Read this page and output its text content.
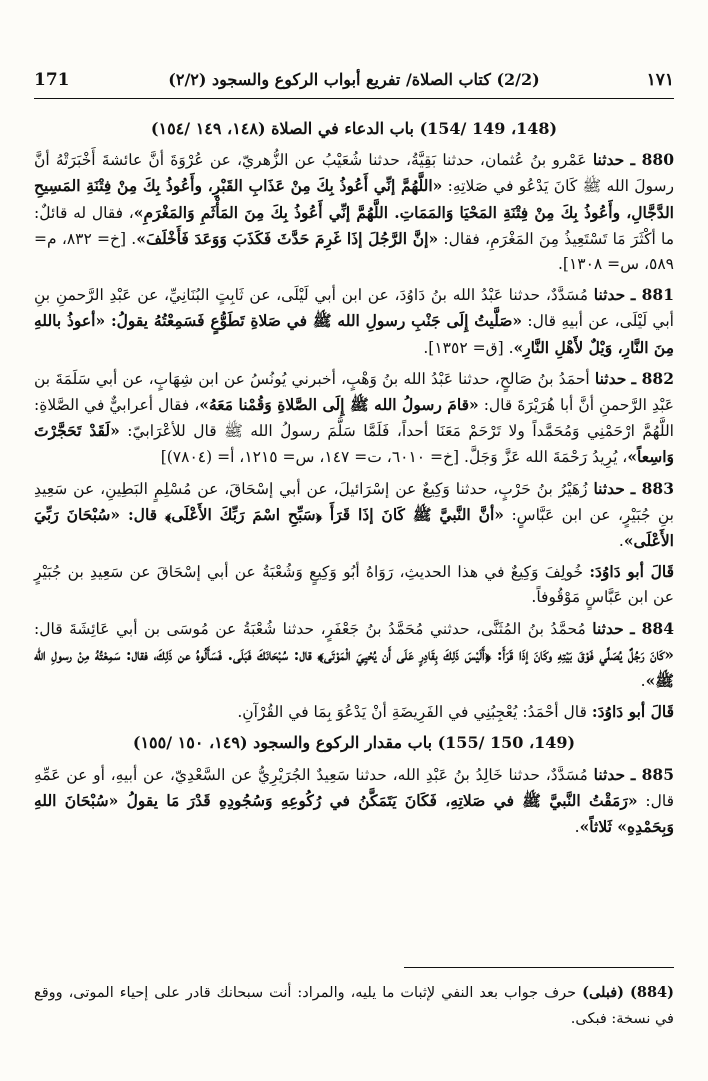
١٧١
(2/2) كتاب الصلاة/ تفريع أبواب الركوع والسجود (٢/٢)
171
(148، 149 /154) باب الدعاء في الصلاة (١٤٨، ١٤٩ /١٥٤)

880 ـ حدثنا عَمْرو بنُ عُثمان، حدثنا بَقِيَّةُ، حدثنا شُعَيْبُ عن الزُّهريّ، عن عُرْوَةَ أنَّ عائشةَ أَخْبَرَتْهُ أنَّ رسولَ الله ﷺ كَانَ يَدْعُو في صَلاتِهِ: «اللَّهُمَّ إنِّي أَعُوذُ بِكَ مِنْ عَذَابِ القَبْرِ، وأَعُوذُ بِكَ مِنْ فِتْنَةِ المَسِيحِ الدَّجَّالِ، وأَعُوذُ بِكَ مِنْ فِتْنَةِ المَحْيَا وَالمَمَاتِ. اللَّهُمَّ إنِّي أَعُوذُ بِكَ مِنَ المَأْثَمِ وَالمَغْرَمِ»، فقال له قائلٌ: ما أكْثَرَ مَا تَسْتَعِيذُ مِنَ المَغْرَمِ، فقال: «إنَّ الرَّجُلَ إذَا غَرِمَ حَدَّثَ فَكَذَبَ وَوَعَدَ فَأَخْلَفَ». [خ= ٨٣٢، م= ٥٨٩، س= ١٣٠٨].

881 ـ حدثنا مُسَدَّدٌ، حدثنا عَبْدُ الله بنُ دَاوُدَ، عن ابن أبي لَيْلَى، عن ثَابِتٍ البُنَانِيِّ، عن عَبْدِ الرَّحمنِ بنِ أبي لَيْلَى، عن أبيهِ قال: «صَلَّيتُ إِلَى جَنْبِ رسولِ الله ﷺ في صَلاةِ تَطَوُّعٍ فَسَمِعْتُهُ يقولُ: «أعوذُ باللهِ مِنَ النَّارِ، وَيْلٌ لأَهْلِ النَّارِ». [ق= ١٣٥٢].

882 ـ حدثنا أحمَدُ بنُ صَالحٍ، حدثنا عَبْدُ الله بنُ وَهْبٍ، أخبرني يُونُسُ عن ابن شِهَابٍ، عن أبي سَلَمَةَ بن عَبْدِ الرَّحمنِ أنَّ أبا هُرَيْرَةَ قال: «قامَ رسولُ الله ﷺ إِلَى الصَّلاةِ وَقُمْنا مَعَهُ»، فقال أعرابيٌّ في الصَّلاةِ: اللَّهُمَّ ارْحَمْنِي وَمُحَمَّداً ولا تَرْحَمْ مَعَنَا أحداً، فَلَمَّا سَلَّمَ رسولُ الله ﷺ قال للأعْرَابيّ: «لَقَدْ تَحَجَّرْتَ وَاسِعاً»، يُرِيدُ رَحْمَةَ الله عَزَّ وَجَلَّ. [خ= ٦٠١٠، ت= ١٤٧، س= ١٢١٥، أ= (٧٨٠٤)]

883 ـ حدثنا زُهَيْرُ بنُ حَرْبٍ، حدثنا وَكِيعٌ عن إسْرَائيلَ، عن أبي إسْحَاقَ، عن مُسْلِمٍ البَطِينِ، عن سَعِيدِ بنِ جُبَيْرٍ، عن ابن عَبَّاسٍ: «أنَّ النَّبيَّ ﷺ كَانَ إذَا قَرَأَ ﴿سَبِّحِ اسْمَ رَبِّكَ الأَعْلَى﴾ قال: «سُبْحَانَ رَبِّيَ الأَعْلَى».

قَالَ أبو دَاوُدَ: خُولِفَ وَكِيعٌ في هذا الحديثِ، رَوَاهُ أبُو وَكِيعٍ وَشُعْبَةُ عن أبي إسْحَاقَ عن سَعِيدِ بن جُبَيْرٍ عن ابن عَبَّاسٍ مَوْقُوفاً.

884 ـ حدثنا مُحمَّدُ بنُ المُثَنَّى، حدثني مُحَمَّدُ بنُ جَعْفَرٍ، حدثنا شُعْبَةُ عن مُوسَى بن أبي عَائِشَةَ قال: «كَانَ رَجُلٌ يُصَلِّي فَوْقَ بَيْتِهِ وكَانَ إذَا قَرَأَ: ﴿أَلَيْسَ ذَلِكَ بِقَادِرٍ عَلَى أَن يُحْيِيَ الْمَوْتَى﴾ قال: سُبْحَانَكَ فَبَلَى. فَسَأَلُوهُ عن ذَلِكَ، فقال: سَمِعْتُهُ مِنْ رسولِ الله ﷺ».

قَالَ أبو دَاوُدَ: قال أحْمَدُ: يُعْجِبُنِي في الفَرِيضَةِ أنْ يَدْعُوَ بِمَا في القُرْآنِ.

(149، 150 /155) باب مقدار الركوع والسجود (١٤٩، ١٥٠ /١٥٥)

885 ـ حدثنا مُسَدَّدٌ، حدثنا خَالِدُ بنُ عَبْدِ الله، حدثنا سَعِيدٌ الجُرَيْرِيُّ عن السَّعْدِيّ، عن أبيهِ، أو عن عَمِّهِ قال: «رَمَقْتُ النَّبيَّ ﷺ في صَلاتِهِ، فَكَانَ يَتَمَكَّنُ في رُكُوعِهِ وَسُجُودِهِ قَدْرَ مَا يقولُ «سُبْحَانَ اللهِ وَبِحَمْدِهِ» ثَلاثاً».

(884) (فبلى) حرف جواب بعد النفي لإثبات ما يليه، والمراد: أنت سبحانك قادر على إحياء الموتى، ووقع في نسخة: فبكى.
